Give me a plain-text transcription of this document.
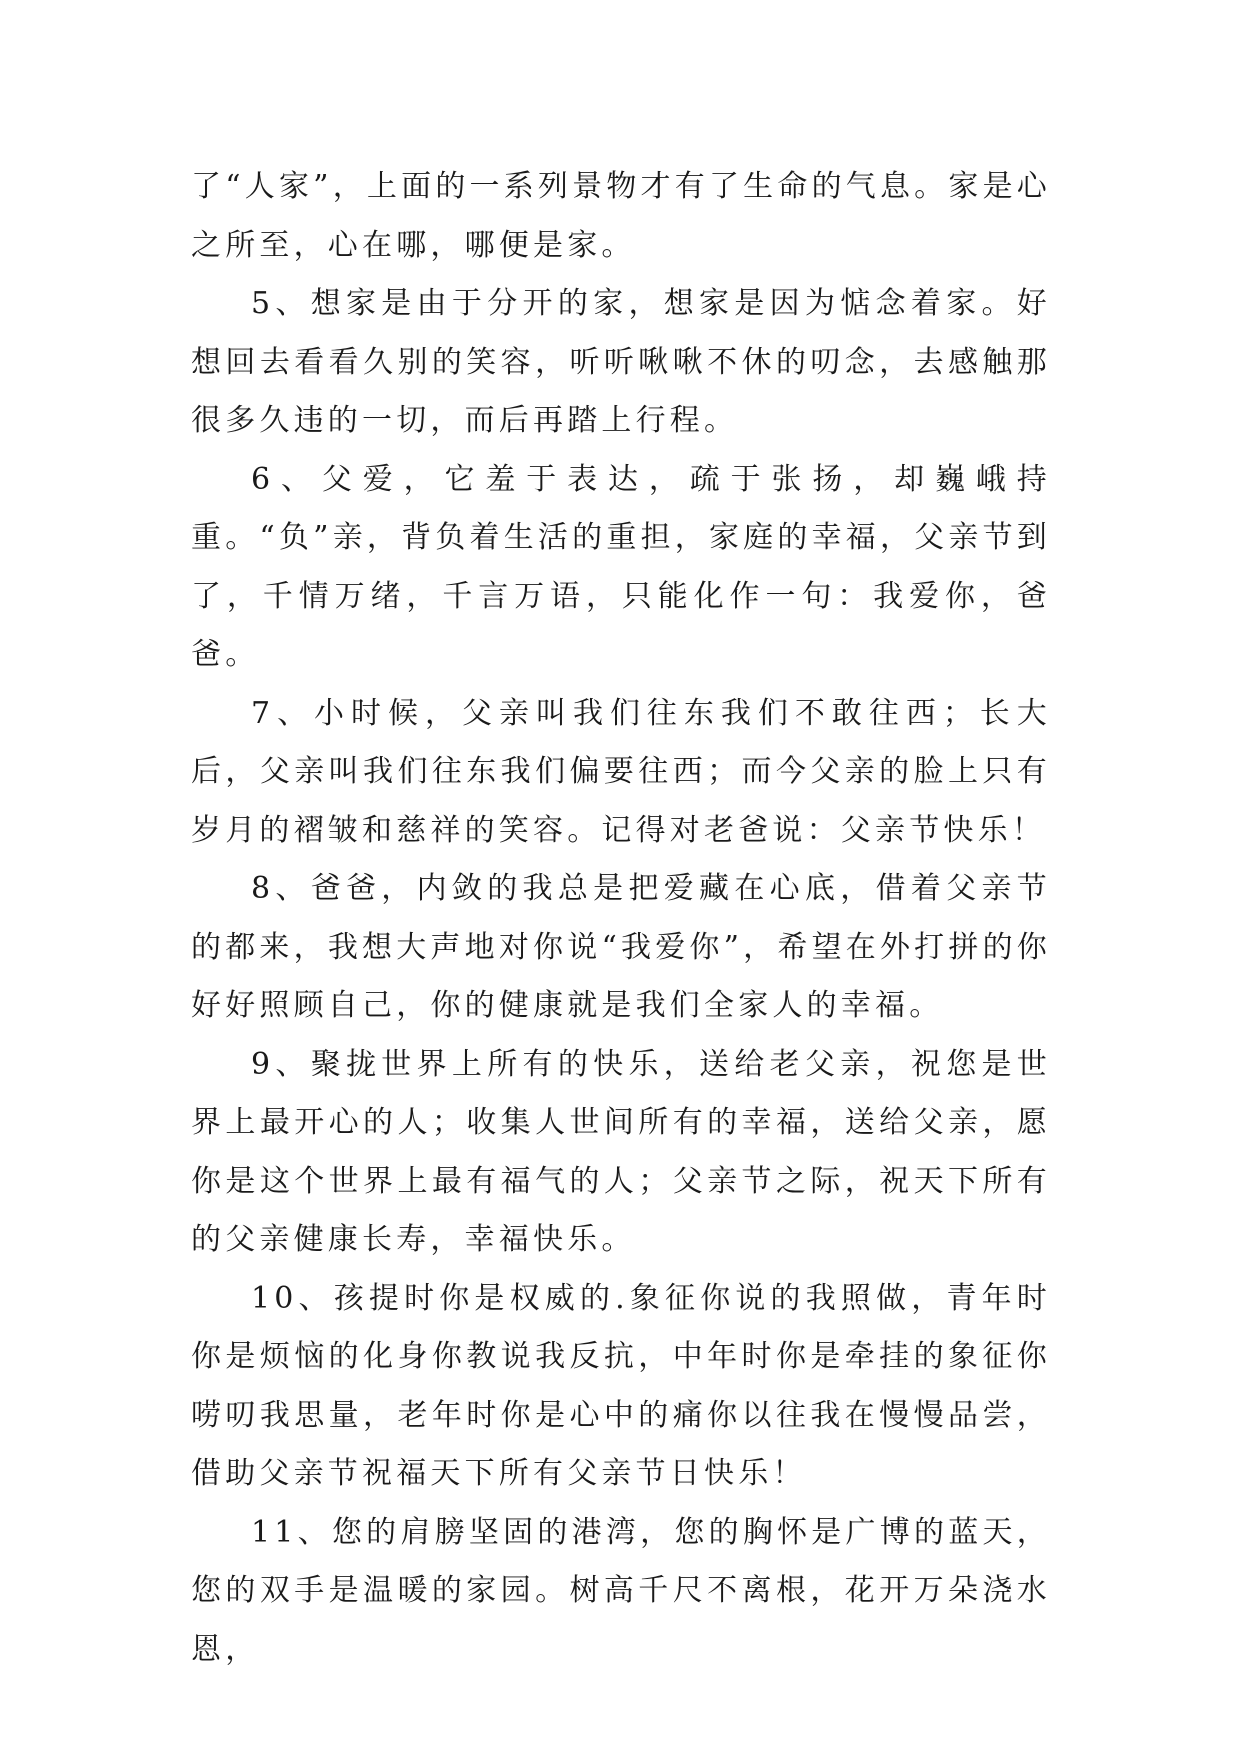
了“人家”，上面的一系列景物才有了生命的气息。家是心之所至，心在哪，哪便是家。

5、想家是由于分开的家，想家是因为惦念着家。好想回去看看久别的笑容，听听啾啾不休的叨念，去感触那很多久违的一切，而后再踏上行程。

6、父爱，它羞于表达，疏于张扬，却巍峨持重。“负”亲，背负着生活的重担，家庭的幸福，父亲节到了，千情万绪，千言万语，只能化作一句：我爱你，爸爸。

7、小时候，父亲叫我们往东我们不敢往西；长大后，父亲叫我们往东我们偏要往西；而今父亲的脸上只有岁月的褶皱和慈祥的笑容。记得对老爸说：父亲节快乐！

8、爸爸，内敛的我总是把爱藏在心底，借着父亲节的都来，我想大声地对你说“我爱你”，希望在外打拼的你好好照顾自己，你的健康就是我们全家人的幸福。

9、聚拢世界上所有的快乐，送给老父亲，祝您是世界上最开心的人；收集人世间所有的幸福，送给父亲，愿你是这个世界上最有福气的人；父亲节之际，祝天下所有的父亲健康长寿，幸福快乐。

10、孩提时你是权威的.象征你说的我照做，青年时你是烦恼的化身你教说我反抗，中年时你是牵挂的象征你唠叨我思量，老年时你是心中的痛你以往我在慢慢品尝，借助父亲节祝福天下所有父亲节日快乐！

11、您的肩膀坚固的港湾，您的胸怀是广博的蓝天，您的双手是温暖的家园。树高千尺不离根，花开万朵浇水恩，
